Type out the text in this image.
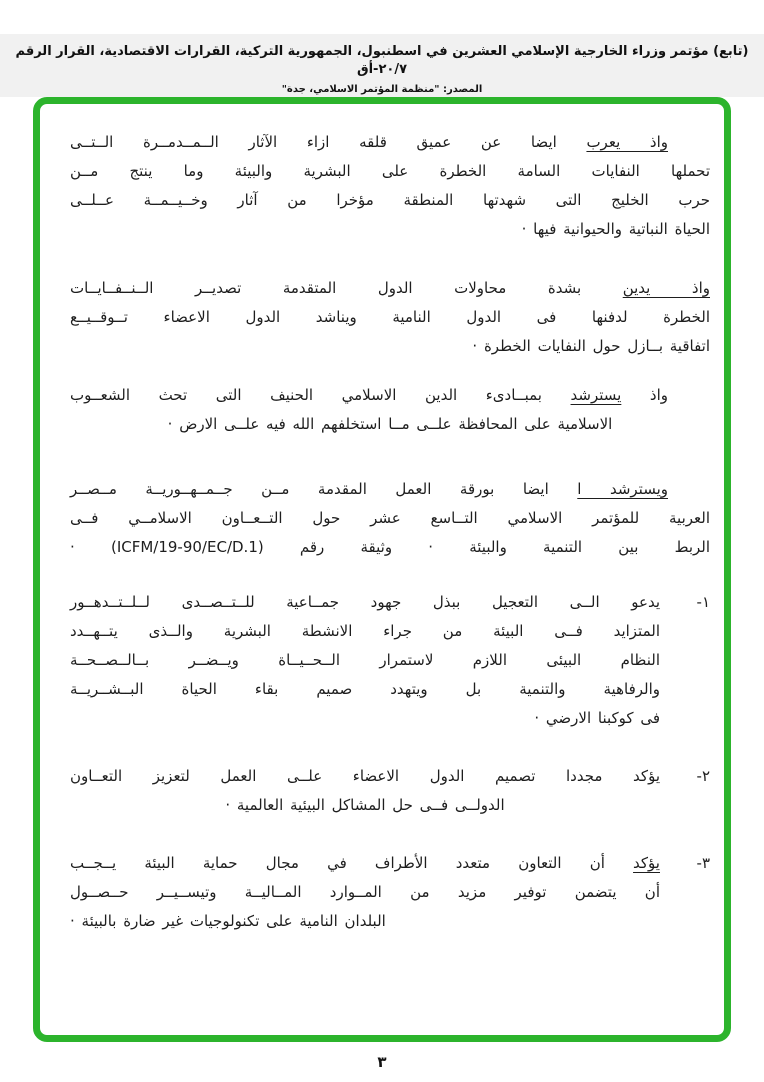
(تابع) مؤتمر وزراء الخارجية الإسلامي العشرين في اسطنبول، الجمهورية التركية، القرارات الاقتصادية، القرار الرقم ٢٠/٧-أق
المصدر: "منظمة المؤتمر الاسلامي، جدة"
واذ يعرب ايضا عن عميق قلقه ازاء الآثار الــمــدمــرة الــتــى
تحملها النفايات السامة الخطرة على البشرية والبيئة وما ينتج مــن
حرب الخليج التى شهدتها المنطقة مؤخرا من آثار وخــيــمــة عــلــى
الحياة النباتية والحيوانية فيها ·
واذ يدين بشدة محاولات الدول المتقدمة تصديــر الــنــفــايــات
الخطرة لدفنها فى الدول النامية ويناشد الدول الاعضاء تــوقــيــع
اتفاقية بــازل حول النفايات الخطرة ·
واذ يسترشد بمبــادىء الدين الاسلامي الحنيف التى تحث الشعــوب
الاسلامية على المحافظة علــى مــا استخلفهم الله فيه علــى الارض ·
ويسترشد ا ايضا بورقة العمل المقدمة مــن جــمــهــوريــة مــصــر
العربية للمؤتمر الاسلامي التــاسع عشر حول التــعــاون الاسلامــي فــى
الربط بين التنمية والبيئة · وثيقة رقم (ICFM/19-90/EC/D.1) ·
١-
يدعو الــى التعجيل ببذل جهود جمــاعية للــتــصــدى لــلــتــدهــور
المتزايد فــى البيئة من جراء الانشطة البشرية والــذى يتــهــدد
النظام البيئى اللازم لاستمرار الــحــيــاة ويــضــر بــالــصــحــة
والرفاهية والتنمية بل ويتهدد صميم بقاء الحياة البــشــريــة
فى كوكبنا الارضي ·
٢-
يؤكد مجددا تصميم الدول الاعضاء علــى العمل لتعزيز التعــاون
الدولــى فــى حل المشاكل البيئية العالمية ·
٣-
يؤكد أن التعاون متعدد الأطراف في مجال حماية البيئة يــجــب
أن يتضمن توفير مزيد من المــوارد المــاليــة وتيســيــر حــصــول
البلدان النامية على تكنولوجيات غير ضارة بالبيئة ·
٣
